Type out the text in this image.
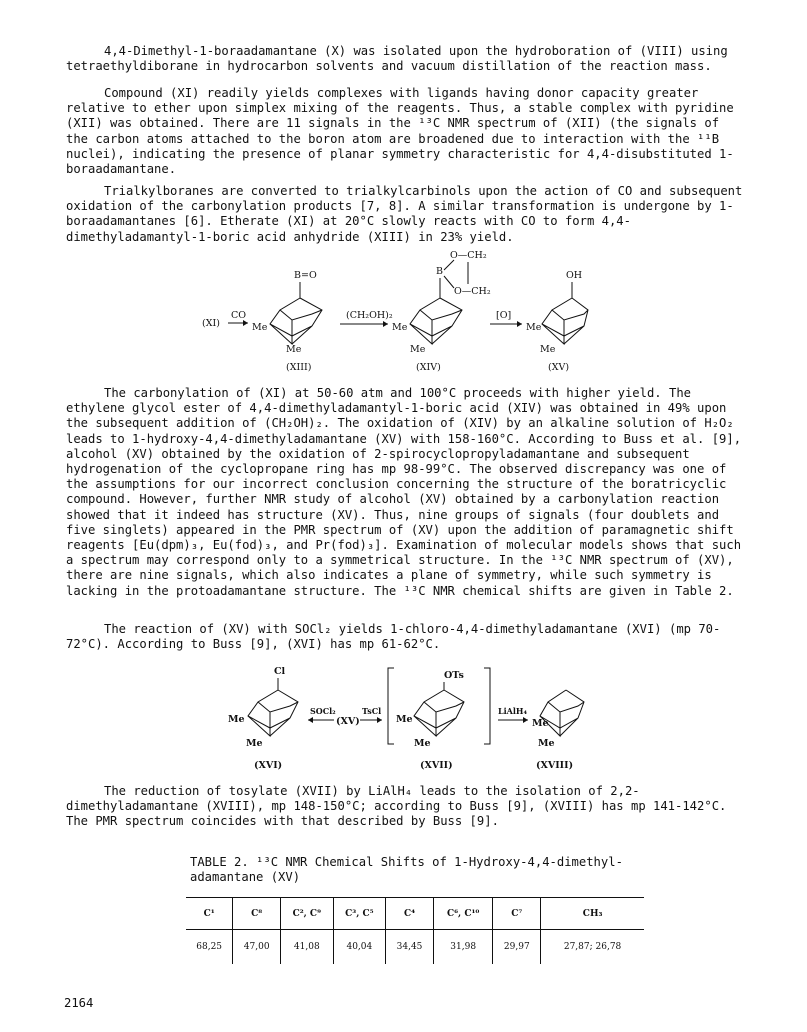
4,4-Dimethyl-1-boraadamantane (X) was isolated upon the hydroboration of (VIII) using tetraethyldiborane in hydrocarbon solvents and vacuum distillation of the reaction mass.

Compound (XI) readily yields complexes with ligands having donor capacity greater relative to ether upon simplex mixing of the reagents. Thus, a stable complex with pyridine (XII) was obtained. There are 11 signals in the ¹³C NMR spectrum of (XII) (the signals of the carbon atoms attached to the boron atom are broadened due to interaction with the ¹¹B nuclei), indicating the presence of planar symmetry characteristic for 4,4-disubstituted 1-boraadamantane.

Trialkylboranes are converted to trialkylcarbinols upon the action of CO and subsequent oxidation of the carbonylation products [7, 8]. A similar transformation is undergone by 1-boraadamantanes [6]. Etherate (XI) at 20°C slowly reacts with CO to form 4,4-dimethyladamantyl-1-boric acid anhydride (XIII) in 23% yield.

(XI)
CO
Me
Me
B=O
(CH₂OH)₂
Me
Me
B
O—CH₂
O—CH₂
[O]
Me
Me
OH
(XIII)	(XIV)	(XV)

The carbonylation of (XI) at 50-60 atm and 100°C proceeds with higher yield. The ethylene glycol ester of 4,4-dimethyladamantyl-1-boric acid (XIV) was obtained in 49% upon the subsequent addition of (CH₂OH)₂. The oxidation of (XIV) by an alkaline solution of H₂O₂ leads to 1-hydroxy-4,4-dimethyladamantane (XV) with 158-160°C. According to Buss et al. [9], alcohol (XV) obtained by the oxidation of 2-spirocyclopropyladamantane and subsequent hydrogenation of the cyclopropane ring has mp 98-99°C. The observed discrepancy was one of the assumptions for our incorrect conclusion concerning the structure of the boratricyclic compound. However, further NMR study of alcohol (XV) obtained by a carbonylation reaction showed that it indeed has structure (XV). Thus, nine groups of signals (four doublets and five singlets) appeared in the PMR spectrum of (XV) upon the addition of paramagnetic shift reagents [Eu(dpm)₃, Eu(fod)₃, and Pr(fod)₃]. Examination of molecular models shows that such a spectrum may correspond only to a symmetrical structure. In the ¹³C NMR spectrum of (XV), there are nine signals, which also indicates a plane of symmetry, while such symmetry is lacking in the protoadamantane structure. The ¹³C NMR chemical shifts are given in Table 2.

The reaction of (XV) with SOCl₂ yields 1-chloro-4,4-dimethyladamantane (XVI) (mp 70-72°C). According to Buss [9], (XVI) has mp 61-62°C.

Cl
Me
Me
SOCl₂
(XV)
TsCl
OTs
Me
Me
LiAlH₄
Me
Me
(XVI)	(XVII)	(XVIII)

The reduction of tosylate (XVII) by LiAlH₄ leads to the isolation of 2,2-dimethyladamantane (XVIII), mp 148-150°C; according to Buss [9], (XVIII) has mp 141-142°C. The PMR spectrum coincides with that described by Buss [9].

TABLE 2. ¹³C NMR Chemical Shifts of 1-Hydroxy-4,4-dimethyl-
adamantane (XV)
C¹	C⁸	C², C⁹	C³, C⁵	C⁴	C⁶, C¹⁰	C⁷	CH₃
68,25	47,00	41,08	40,04	34,45	31,98	29,97	27,87; 26,78
2164
